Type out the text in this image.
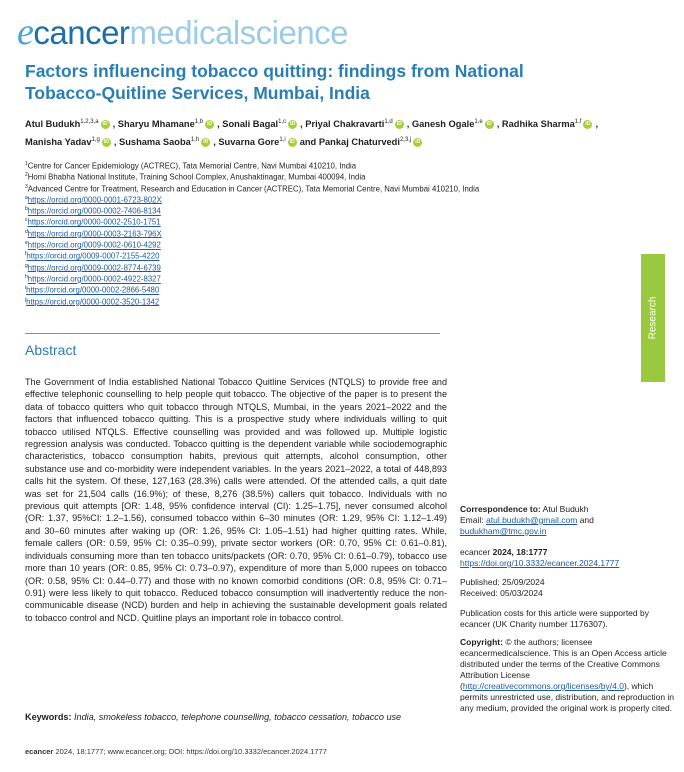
ecancermedicalscience
Factors influencing tobacco quitting: findings from National
Tobacco-Quitline Services, Mumbai, India
Atul Budukh$^{1,2,3,a}$ iD , Sharyu Mhamane$^{1,b}$ iD , Sonali Bagal$^{1,c}$ iD , Priyal Chakravarti$^{1,d}$ iD , Ganesh Ogale$^{1,e}$ iD , Radhika Sharma$^{1,f}$ iD ,
Manisha Yadav$^{1,g}$ iD , Sushama Saoba$^{1,h}$ iD , Suvarna Gore$^{1,i}$ iD and Pankaj Chaturvedi$^{2,3,j}$ iD
$^1$Centre for Cancer Epidemiology (ACTREC), Tata Memorial Centre, Navi Mumbai 410210, India
$^2$Homi Bhabha National Institute, Training School Complex, Anushaktinagar, Mumbai 400094, India
$^3$Advanced Centre for Treatment, Research and Education in Cancer (ACTREC), Tata Memorial Centre, Navi Mumbai 410210, India
$^a$https://orcid.org/0000-0001-6723-802X
$^b$https://orcid.org/0000-0002-7406-8134
$^c$https://orcid.org/0000-0002-2510-1751
$^d$https://orcid.org/0000-0003-2163-796X
$^e$https://orcid.org/0009-0002-0610-4292
$^f$https://orcid.org/0009-0007-2155-4220
$^g$https://orcid.org/0009-0002-8774-6739
$^h$https://orcid.org/0000-0002-4922-8327
$^i$https://orcid.org/0000-0002-2866-5480
$^j$https://orcid.org/0000-0002-3520-1342	Research
Abstract

The Government of India established National Tobacco Quitline Services (NTQLS) to provide free and effective telephonic counselling to help people quit tobacco. The objective of the paper is to present the data of tobacco quitters who quit tobacco through NTQLS, Mumbai, in the years 2021–2022 and the factors that influenced tobacco quitting. This is a prospective study where individuals willing to quit tobacco utilised NTQLS. Effective counselling was provided and was followed up. Multiple logistic regression analysis was conducted. Tobacco quitting is the dependent variable while sociodemographic characteristics, tobacco consumption habits, previous quit attempts, alcohol consumption, other substance use and co-morbidity were independent variables. In the years 2021–2022, a total of 448,893 calls hit the system. Of these, 127,163 (28.3%) calls were attended. Of the attended calls, a quit date was set for 21,504 calls (16.9%); of these, 8,276 (38.5%) callers quit tobacco. Individuals with no previous quit attempts [OR: 1.48, 95% confidence interval (CI): 1.25–1.75], never consumed alcohol (OR: 1.37, 95%CI: 1.2–1.56), consumed tobacco within 6–30 minutes (OR: 1.29, 95% CI: 1.12–1.49) and 30–60 minutes after waking up (OR: 1.26, 95% CI: 1.05–1.51) had higher quitting rates. While, female callers (OR: 0.59, 95% CI: 0.35–0.99), private sector workers (OR: 0.70, 95% CI: 0.61–0.81), individuals consuming more than ten tobacco units/packets (OR: 0.70, 95% CI: 0.61–0.79), tobacco use more than 10 years (OR: 0.85, 95% CI: 0.73–0.97), expenditure of more than 5,000 rupees on tobacco (OR: 0.58, 95% CI: 0.44–0.77) and those with no known comorbid conditions (OR: 0.8, 95% CI: 0.71–0.91) were less likely to quit tobacco. Reduced tobacco consumption will inadvertently reduce the non-communicable disease (NCD) burden and help in achieving the sustainable development goals related to tobacco control and NCD. Quitline plays an important role in tobacco control.

Keywords: India, smokeless tobacco, telephone counselling, tobacco cessation, tobacco use
Correspondence to: Atul Budukh
Email: atul.budukh@gmail.com and budukham@tmc.gov.in
ecancer 2024, 18:1777
https://doi.org/10.3332/ecancer.2024.1777
Published: 25/09/2024
Received: 05/03/2024
Publication costs for this article were supported by ecancer (UK Charity number 1176307).
Copyright: © the authors; licensee ecancermedicalscience. This is an Open Access article distributed under the terms of the Creative Commons Attribution License (http://creativecommons.org/licenses/by/4.0), which permits unrestricted use, distribution, and reproduction in any medium, provided the original work is properly cited.
ecancer 2024, 18:1777; www.ecancer.org; DOI: https://doi.org/10.3332/ecancer.2024.1777
